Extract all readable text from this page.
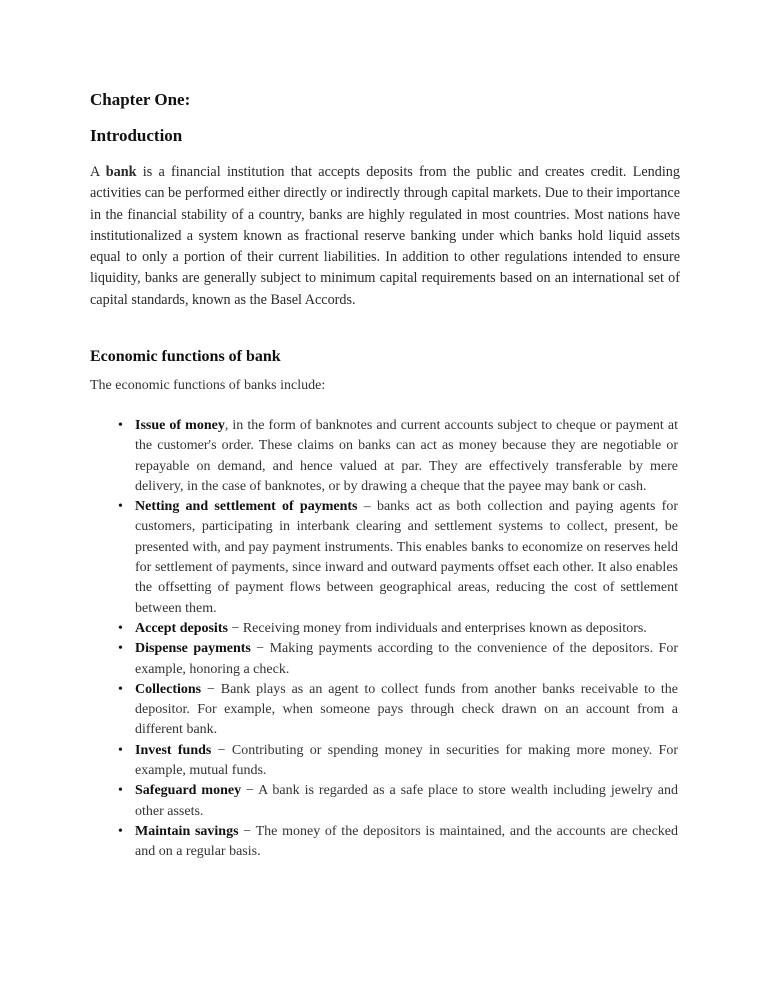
Chapter One:
Introduction

A bank is a financial institution that accepts deposits from the public and creates credit. Lending activities can be performed either directly or indirectly through capital markets. Due to their importance in the financial stability of a country, banks are highly regulated in most countries. Most nations have institutionalized a system known as fractional reserve banking under which banks hold liquid assets equal to only a portion of their current liabilities. In addition to other regulations intended to ensure liquidity, banks are generally subject to minimum capital requirements based on an international set of capital standards, known as the Basel Accords.

Economic functions of bank

The economic functions of banks include:

• Issue of money, in the form of banknotes and current accounts subject to cheque or payment at the customer's order. These claims on banks can act as money because they are negotiable or repayable on demand, and hence valued at par. They are effectively transferable by mere delivery, in the case of banknotes, or by drawing a cheque that the payee may bank or cash.
• Netting and settlement of payments – banks act as both collection and paying agents for customers, participating in interbank clearing and settlement systems to collect, present, be presented with, and pay payment instruments. This enables banks to economize on reserves held for settlement of payments, since inward and outward payments offset each other. It also enables the offsetting of payment flows between geographical areas, reducing the cost of settlement between them.
• Accept deposits − Receiving money from individuals and enterprises known as depositors.
• Dispense payments − Making payments according to the convenience of the depositors. For example, honoring a check.
• Collections − Bank plays as an agent to collect funds from another banks receivable to the depositor. For example, when someone pays through check drawn on an account from a different bank.
• Invest funds − Contributing or spending money in securities for making more money. For example, mutual funds.
• Safeguard money − A bank is regarded as a safe place to store wealth including jewelry and other assets.
• Maintain savings − The money of the depositors is maintained, and the accounts are checked and on a regular basis.
